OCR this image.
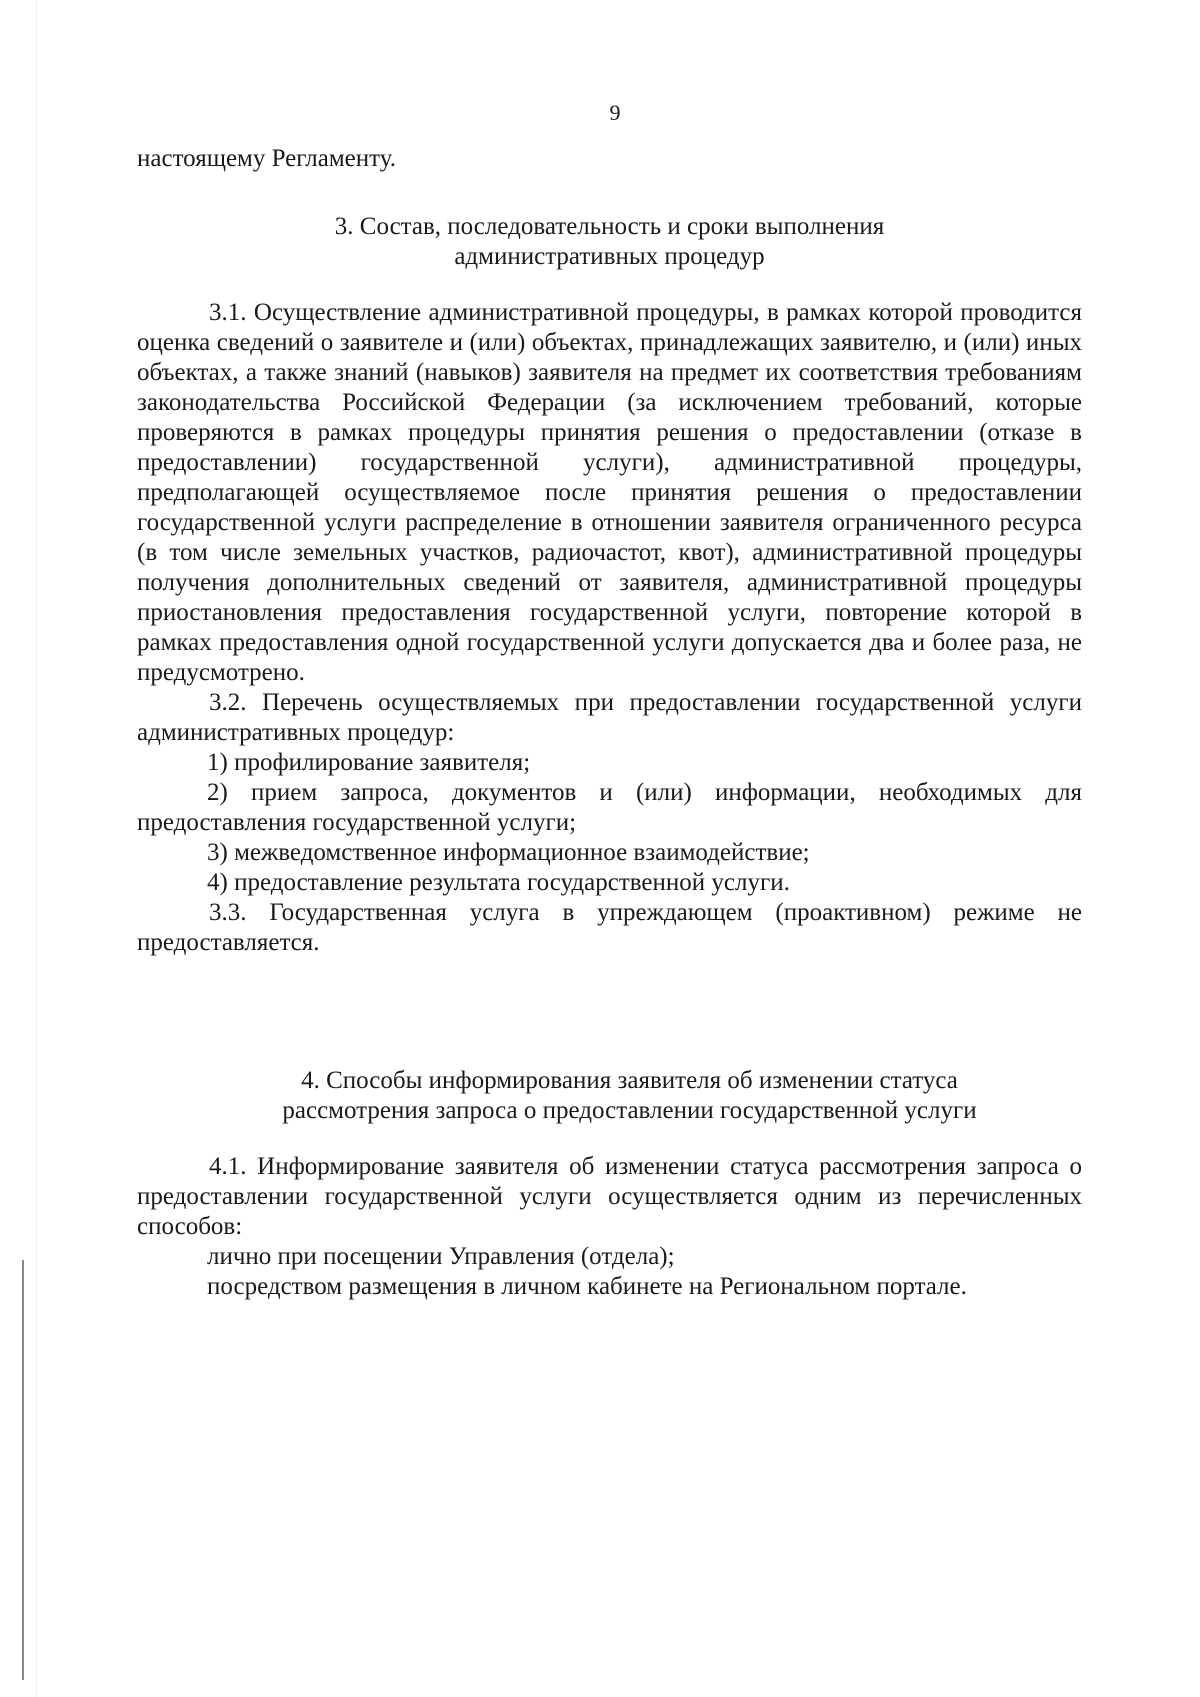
9

настоящему Регламенту.

3. Состав, последовательность и сроки выполнения
административных процедур

3.1. Осуществление административной процедуры, в рамках которой проводится оценка сведений о заявителе и (или) объектах, принадлежащих заявителю, и (или) иных объектах, а также знаний (навыков) заявителя на предмет их соответствия требованиям законодательства Российской Федерации (за исключением требований, которые проверяются в рамках процедуры принятия решения о предоставлении (отказе в предоставлении) государственной услуги), административной процедуры, предполагающей осуществляемое после принятия решения о предоставлении государственной услуги распределение в отношении заявителя ограниченного ресурса (в том числе земельных участков, радиочастот, квот), административной процедуры получения дополнительных сведений от заявителя, административной процедуры приостановления предоставления государственной услуги, повторение которой в рамках предоставления одной государственной услуги допускается два и более раза, не предусмотрено.

3.2. Перечень осуществляемых при предоставлении государственной услуги административных процедур:

1) профилирование заявителя;

2) прием запроса, документов и (или) информации, необходимых для предоставления государственной услуги;

3) межведомственное информационное взаимодействие;

4) предоставление результата государственной услуги.

3.3. Государственная услуга в упреждающем (проактивном) режиме не предоставляется.

4. Способы информирования заявителя об изменении статуса
рассмотрения запроса о предоставлении государственной услуги

4.1. Информирование заявителя об изменении статуса рассмотрения запроса о предоставлении государственной услуги осуществляется одним из перечисленных способов:

лично при посещении Управления (отдела);

посредством размещения в личном кабинете на Региональном портале.
